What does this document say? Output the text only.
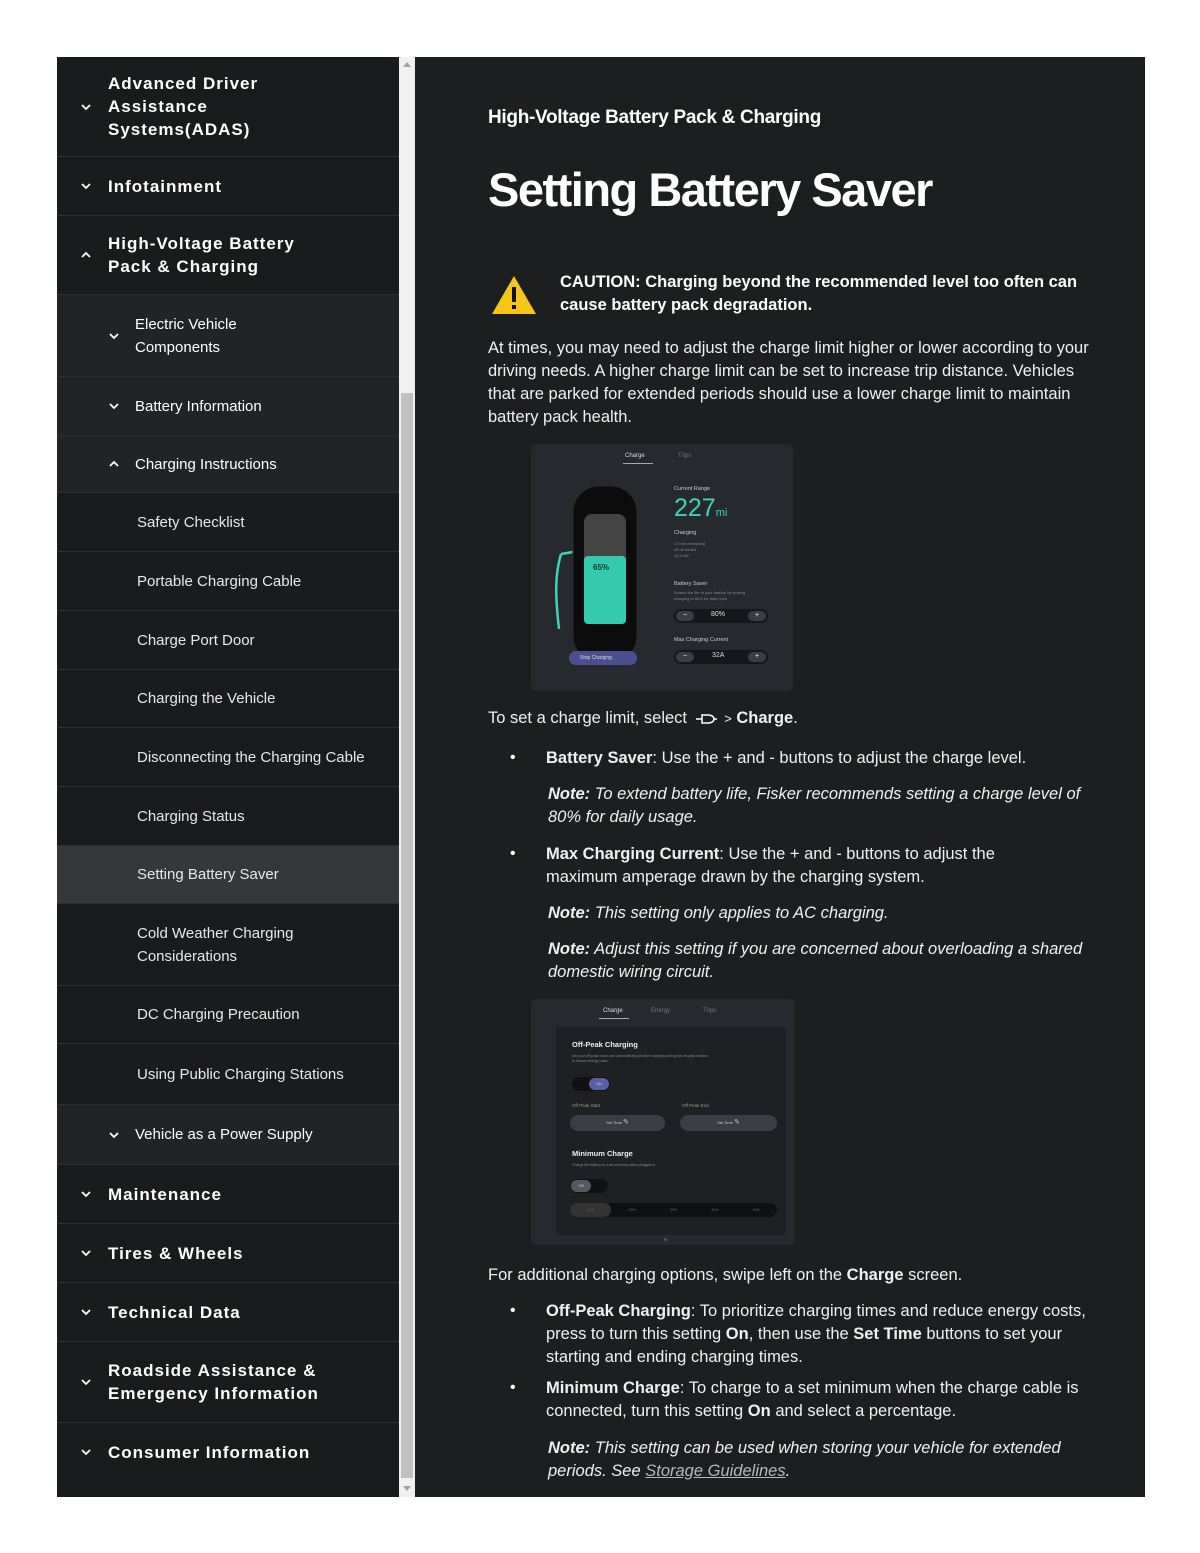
Advanced Driver Assistance Systems(ADAS)
Infotainment
High-Voltage Battery Pack & Charging
Electric Vehicle Components
Battery Information
Charging Instructions
Safety Checklist
Portable Charging Cable
Charge Port Door
Charging the Vehicle
Disconnecting the Charging Cable
Charging Status
Setting Battery Saver
Cold Weather Charging Considerations
DC Charging Precaution
Using Public Charging Stations
Vehicle as a Power Supply
Maintenance
Tires & Wheels
Technical Data
Roadside Assistance & Emergency Information
Consumer Information
High-Voltage Battery Pack & Charging
Setting Battery Saver
CAUTION: Charging beyond the recommended level too often can cause battery pack degradation.

At times, you may need to adjust the charge limit higher or lower according to your driving needs. A higher charge limit can be set to increase trip distance. Vehicles that are parked for extended periods should use a lower charge limit to maintain battery pack health.

Charge	Trips
65%
Stop Charging
Current Range
227mi
Charging
2.5 mo remaining
48 mi added
12.5 kW
Battery Saver
Extend the life of your battery by limiting
charging to 80% for daily trips
−	80%	+
Max Charging Current
−	32A	+
To set a charge limit, select	> Charge.
• Battery Saver: Use the + and - buttons to adjust the charge level.

Note: To extend battery life, Fisker recommends setting a charge level of 80% for daily usage.

• Max Charging Current: Use the + and - buttons to adjust the maximum amperage drawn by the charging system.

Note: This setting only applies to AC charging.

Note: Adjust this setting if you are concerned about overloading a shared domestic wiring circuit.

Charge	Energy	Trips
Off-Peak Charging
Set your off-peak hours and automatically prioritize charging during the off-peak window
to reduce energy costs
On
Off Peak Start	Off Peak End
Set Time ✎	Set Time ✎
Minimum Charge
Charge the battery to a set minimum when plugged in
Off
10%	20%	30%	40%	50%

For additional charging options, swipe left on the Charge screen.

• Off-Peak Charging: To prioritize charging times and reduce energy costs, press to turn this setting On, then use the Set Time buttons to set your starting and ending charging times.

• Minimum Charge: To charge to a set minimum when the charge cable is connected, turn this setting On and select a percentage.

Note: This setting can be used when storing your vehicle for extended periods. See Storage Guidelines.
